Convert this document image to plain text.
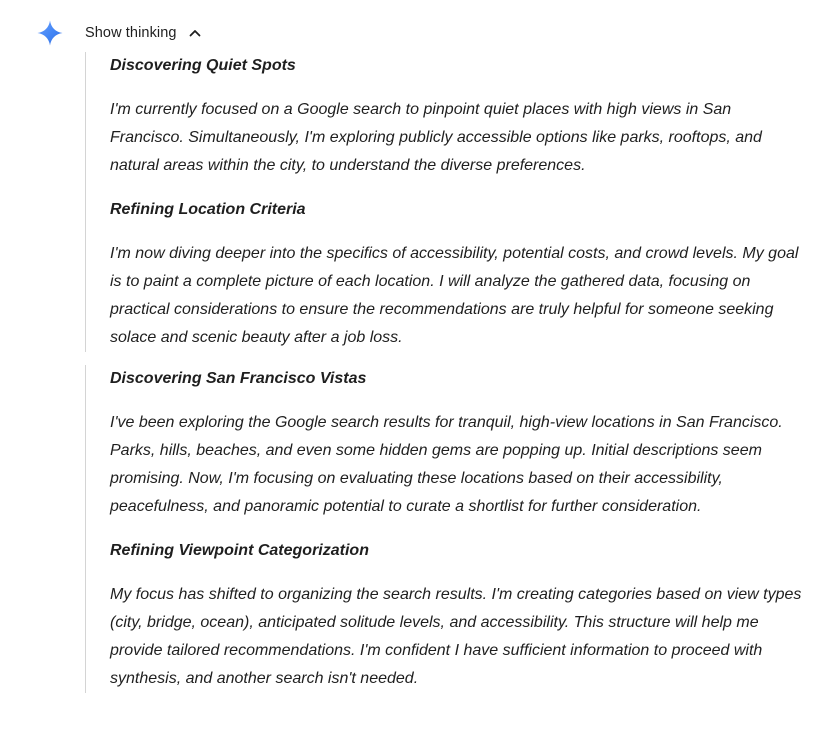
Show thinking

Discovering Quiet Spots

I'm currently focused on a Google search to pinpoint quiet places with high views in San Francisco. Simultaneously, I'm exploring publicly accessible options like parks, rooftops, and natural areas within the city, to understand the diverse preferences.

Refining Location Criteria

I'm now diving deeper into the specifics of accessibility, potential costs, and crowd levels. My goal is to paint a complete picture of each location. I will analyze the gathered data, focusing on practical considerations to ensure the recommendations are truly helpful for someone seeking solace and scenic beauty after a job loss.

Discovering San Francisco Vistas

I've been exploring the Google search results for tranquil, high-view locations in San Francisco. Parks, hills, beaches, and even some hidden gems are popping up. Initial descriptions seem promising. Now, I'm focusing on evaluating these locations based on their accessibility, peacefulness, and panoramic potential to curate a shortlist for further consideration.

Refining Viewpoint Categorization

My focus has shifted to organizing the search results. I'm creating categories based on view types (city, bridge, ocean), anticipated solitude levels, and accessibility. This structure will help me provide tailored recommendations. I'm confident I have sufficient information to proceed with synthesis, and another search isn't needed.
